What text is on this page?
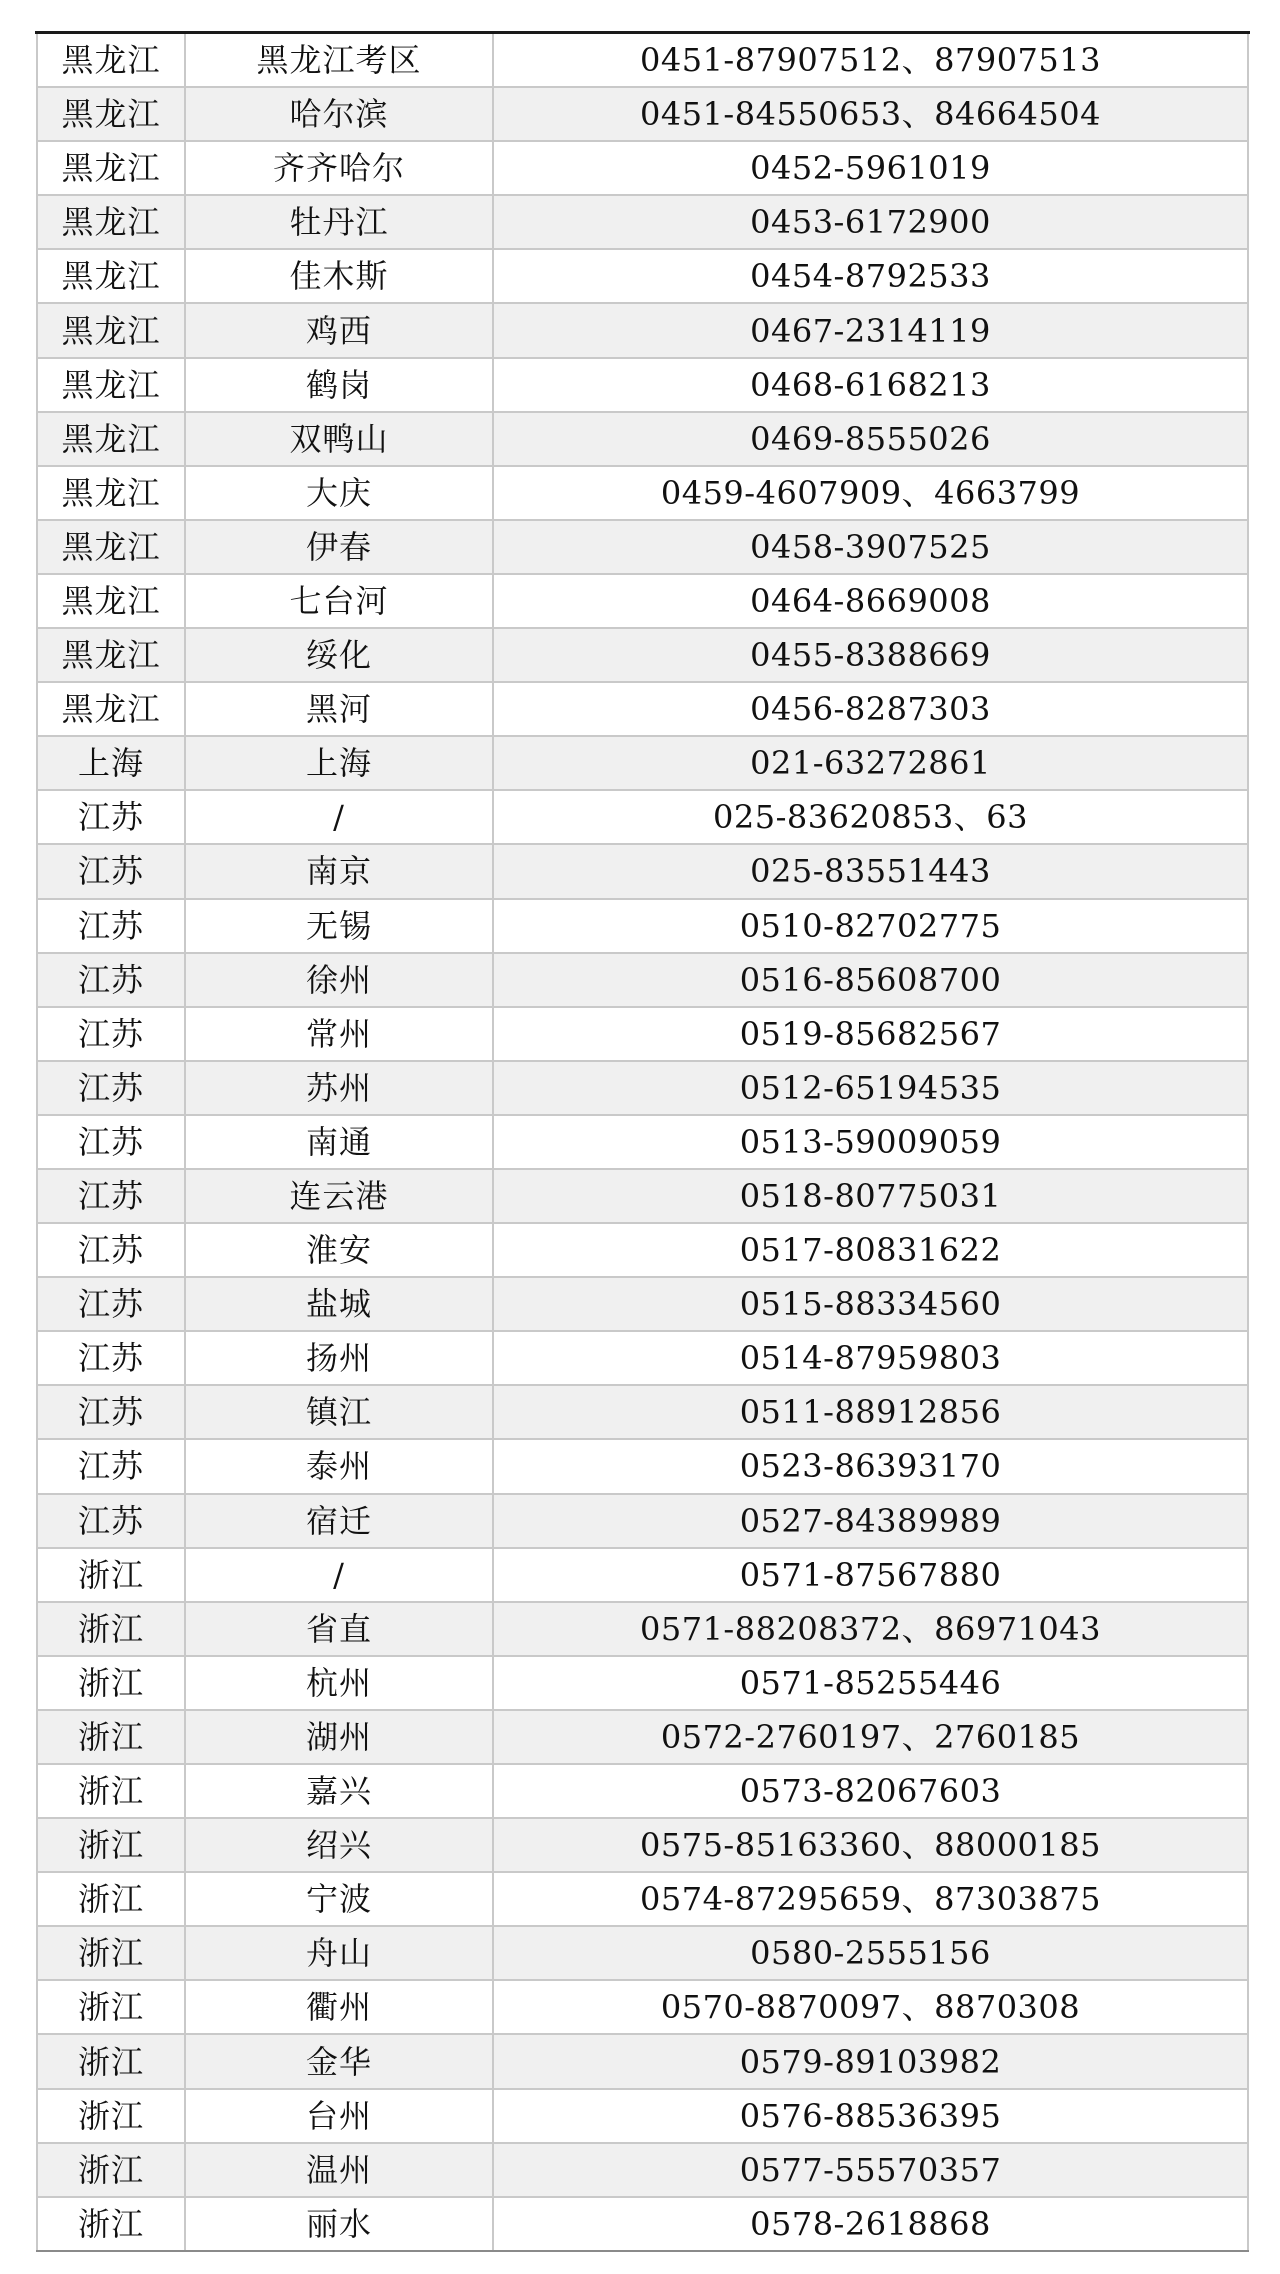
黑龙江	黑龙江考区	0451-87907512、87907513
黑龙江	哈尔滨	0451-84550653、84664504
黑龙江	齐齐哈尔	0452-5961019
黑龙江	牡丹江	0453-6172900
黑龙江	佳木斯	0454-8792533
黑龙江	鸡西	0467-2314119
黑龙江	鹤岗	0468-6168213
黑龙江	双鸭山	0469-8555026
黑龙江	大庆	0459-4607909、4663799
黑龙江	伊春	0458-3907525
黑龙江	七台河	0464-8669008
黑龙江	绥化	0455-8388669
黑龙江	黑河	0456-8287303
上海	上海	021-63272861
江苏	/	025-83620853、63
江苏	南京	025-83551443
江苏	无锡	0510-82702775
江苏	徐州	0516-85608700
江苏	常州	0519-85682567
江苏	苏州	0512-65194535
江苏	南通	0513-59009059
江苏	连云港	0518-80775031
江苏	淮安	0517-80831622
江苏	盐城	0515-88334560
江苏	扬州	0514-87959803
江苏	镇江	0511-88912856
江苏	泰州	0523-86393170
江苏	宿迁	0527-84389989
浙江	/	0571-87567880
浙江	省直	0571-88208372、86971043
浙江	杭州	0571-85255446
浙江	湖州	0572-2760197、2760185
浙江	嘉兴	0573-82067603
浙江	绍兴	0575-85163360、88000185
浙江	宁波	0574-87295659、87303875
浙江	舟山	0580-2555156
浙江	衢州	0570-8870097、8870308
浙江	金华	0579-89103982
浙江	台州	0576-88536395
浙江	温州	0577-55570357
浙江	丽水	0578-2618868
